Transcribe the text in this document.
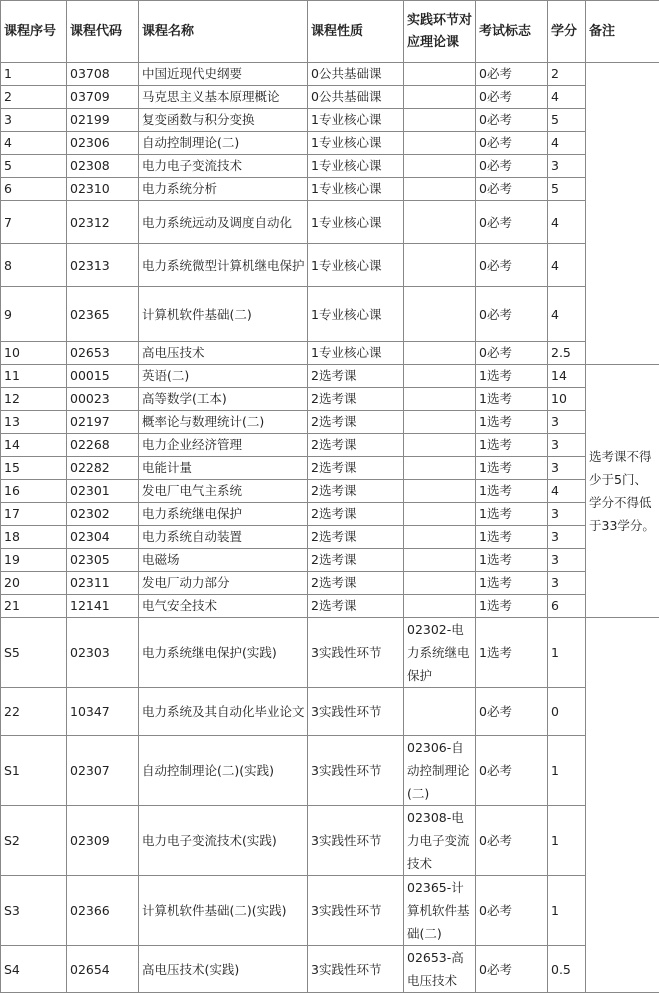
课程序号	课程代码	课程名称	课程性质	实践环节对应理论课	考试标志	学分	备注
1	03708	中国近现代史纲要	0公共基础课		0必考	2	
2	03709	马克思主义基本原理概论	0公共基础课		0必考	4	
3	02199	复变函数与积分变换	1专业核心课		0必考	5	
4	02306	自动控制理论(二)	1专业核心课		0必考	4	
5	02308	电力电子变流技术	1专业核心课		0必考	3	
6	02310	电力系统分析	1专业核心课		0必考	5	
7	02312	电力系统远动及调度自动化	1专业核心课		0必考	4	
8	02313	电力系统微型计算机继电保护	1专业核心课		0必考	4	
9	02365	计算机软件基础(二)	1专业核心课		0必考	4	
10	02653	高电压技术	1专业核心课		0必考	2.5	
11	00015	英语(二)	2选考课		1选考	14	选考课不得少于5门、学分不得低于33学分。
12	00023	高等数学(工本)	2选考课		1选考	10	
13	02197	概率论与数理统计(二)	2选考课		1选考	3	
14	02268	电力企业经济管理	2选考课		1选考	3	
15	02282	电能计量	2选考课		1选考	3	
16	02301	发电厂电气主系统	2选考课		1选考	4	
17	02302	电力系统继电保护	2选考课		1选考	3	
18	02304	电力系统自动装置	2选考课		1选考	3	
19	02305	电磁场	2选考课		1选考	3	
20	02311	发电厂动力部分	2选考课		1选考	3	
21	12141	电气安全技术	2选考课		1选考	6	
S5	02303	电力系统继电保护(实践)	3实践性环节	02302-电力系统继电保护	1选考	1	
22	10347	电力系统及其自动化毕业论文	3实践性环节		0必考	0	
S1	02307	自动控制理论(二)(实践)	3实践性环节	02306-自动控制理论(二)	0必考	1	
S2	02309	电力电子变流技术(实践)	3实践性环节	02308-电力电子变流技术	0必考	1	
S3	02366	计算机软件基础(二)(实践)	3实践性环节	02365-计算机软件基础(二)	0必考	1	
S4	02654	高电压技术(实践)	3实践性环节	02653-高电压技术	0必考	0.5	
